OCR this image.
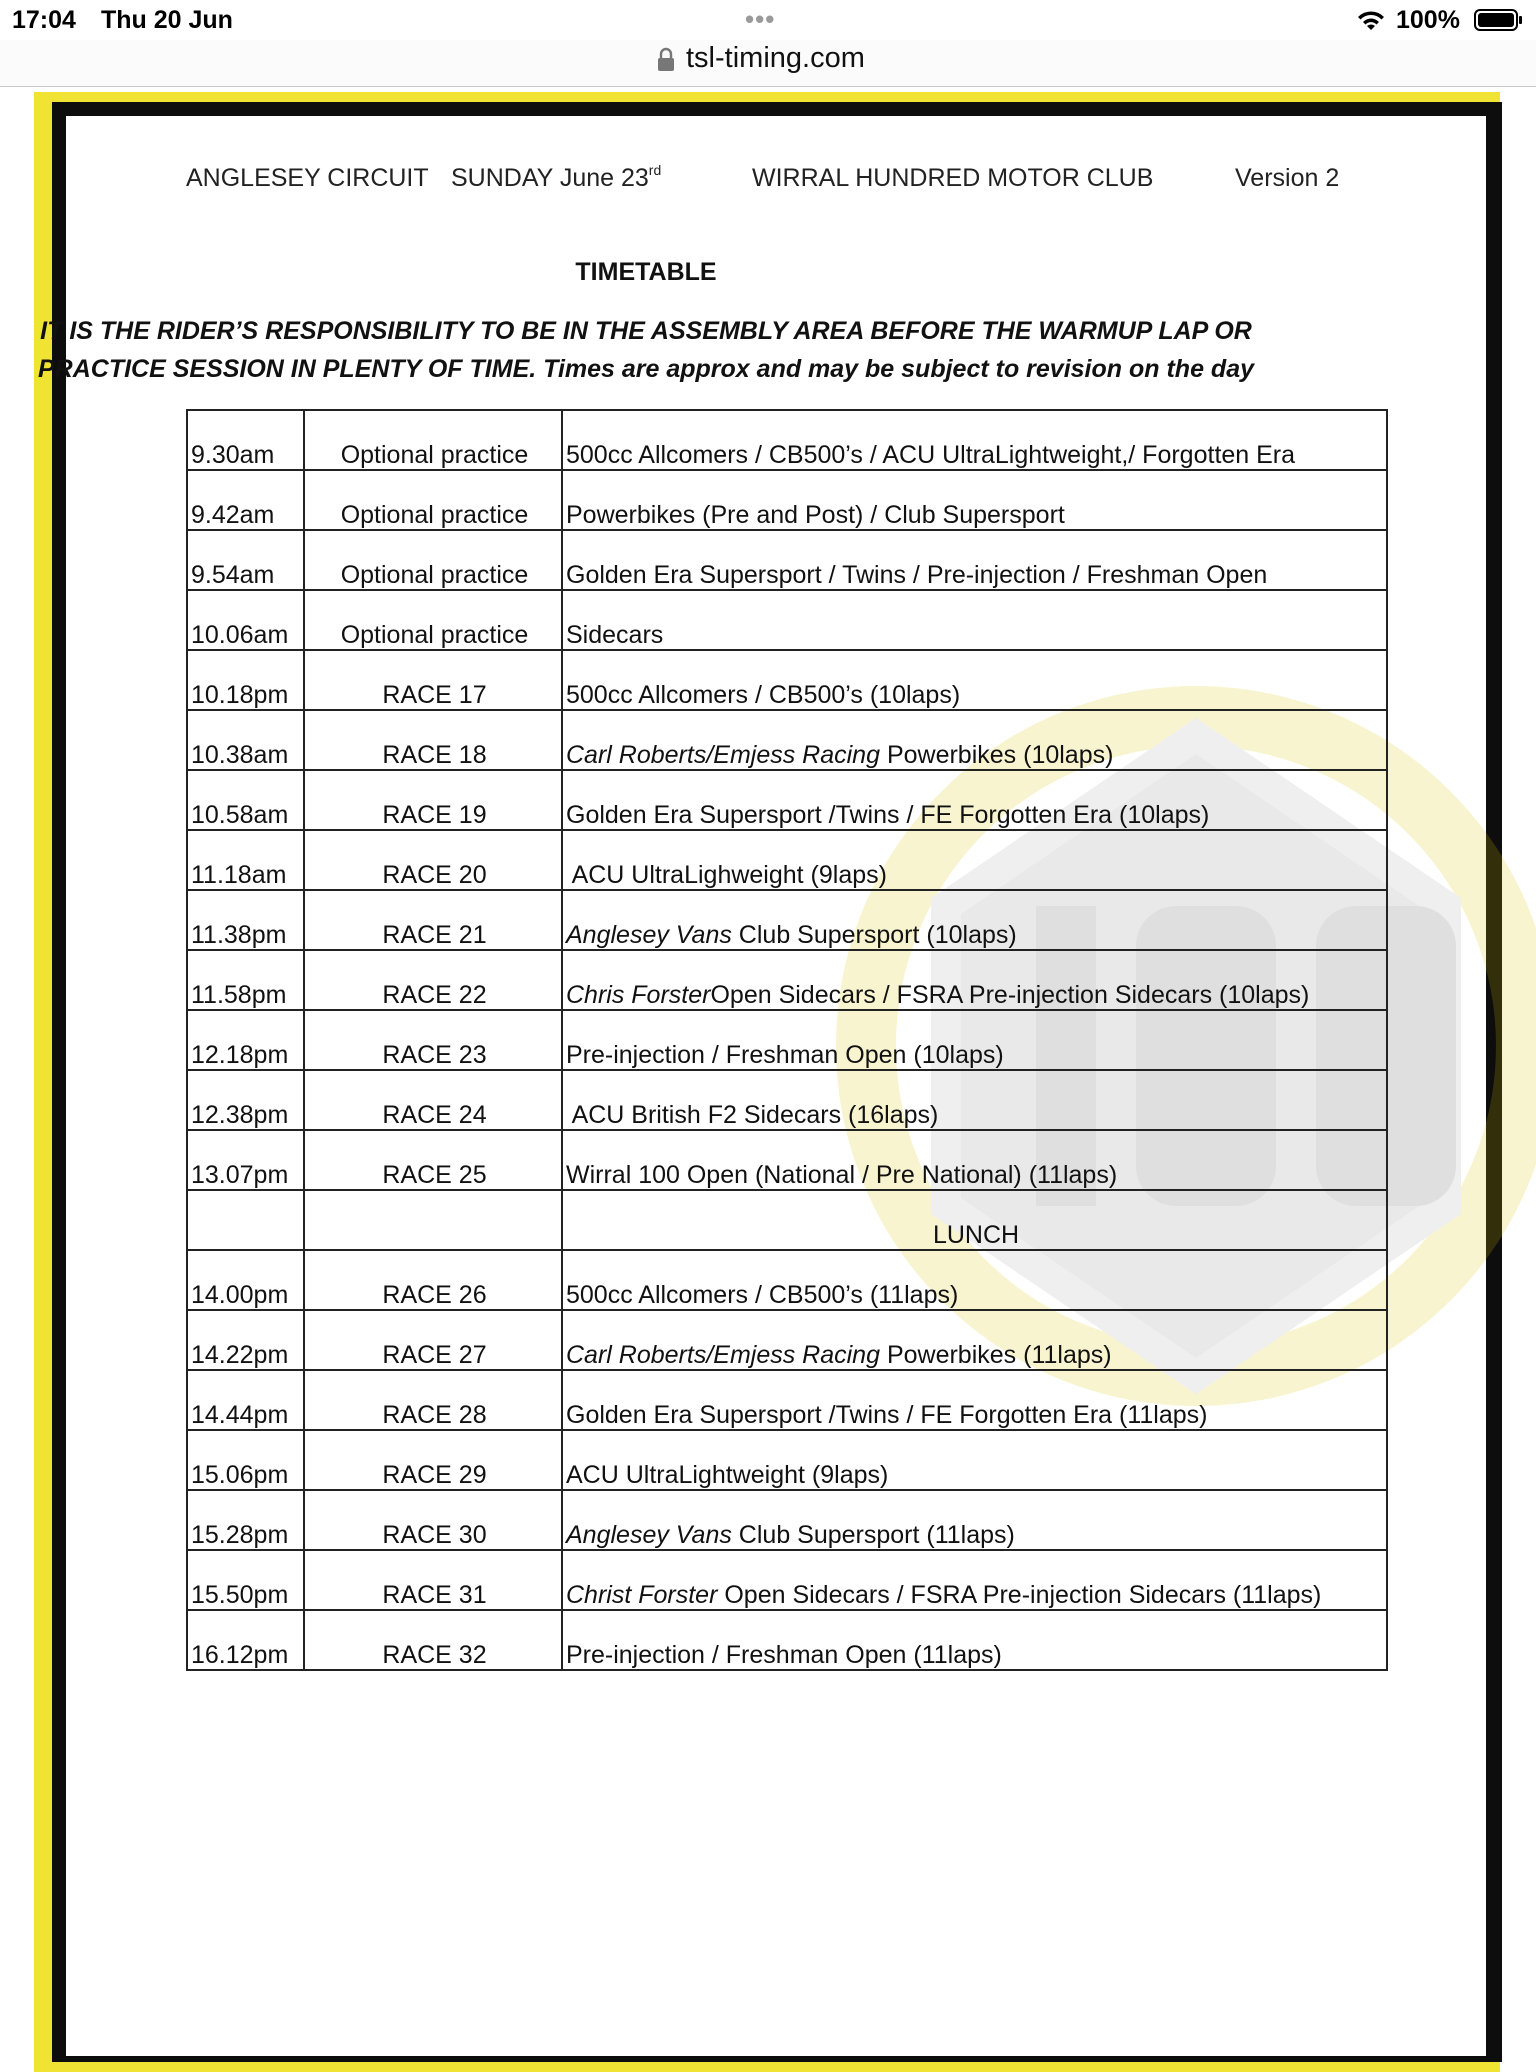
17:04 Thu 20 Jun	•••	100%
tsl-timing.com
ANGLESEY CIRCUIT SUNDAY June 23rd	WIRRAL HUNDRED MOTOR CLUB	Version 2
TIMETABLE
IT IS THE RIDER’S RESPONSIBILITY TO BE IN THE ASSEMBLY AREA BEFORE THE WARMUP LAP OR
PRACTICE SESSION IN PLENTY OF TIME. Times are approx and may be subject to revision on the day
9.30am	Optional practice	500cc Allcomers / CB500’s / ACU UltraLightweight,/ Forgotten Era
9.42am	Optional practice	Powerbikes (Pre and Post) / Club Supersport
9.54am	Optional practice	Golden Era Supersport / Twins / Pre-injection / Freshman Open
10.06am	Optional practice	Sidecars
10.18pm	RACE 17	500cc Allcomers / CB500’s (10laps)
10.38am	RACE 18	Carl Roberts/Emjess Racing Powerbikes (10laps)
10.58am	RACE 19	Golden Era Supersport /Twins / FE Forgotten Era (10laps)
11.18am	RACE 20	ACU UltraLighweight (9laps)
11.38pm	RACE 21	Anglesey Vans Club Supersport (10laps)
11.58pm	RACE 22	Chris ForsterOpen Sidecars / FSRA Pre-injection Sidecars (10laps)
12.18pm	RACE 23	Pre-injection / Freshman Open (10laps)
12.38pm	RACE 24	ACU British F2 Sidecars (16laps)
13.07pm	RACE 25	Wirral 100 Open (National / Pre National) (11laps)
		LUNCH
14.00pm	RACE 26	500cc Allcomers / CB500’s (11laps)
14.22pm	RACE 27	Carl Roberts/Emjess Racing Powerbikes (11laps)
14.44pm	RACE 28	Golden Era Supersport /Twins / FE Forgotten Era (11laps)
15.06pm	RACE 29	ACU UltraLightweight (9laps)
15.28pm	RACE 30	Anglesey Vans Club Supersport (11laps)
15.50pm	RACE 31	Christ Forster Open Sidecars / FSRA Pre-injection Sidecars (11laps)
16.12pm	RACE 32	Pre-injection / Freshman Open (11laps)
